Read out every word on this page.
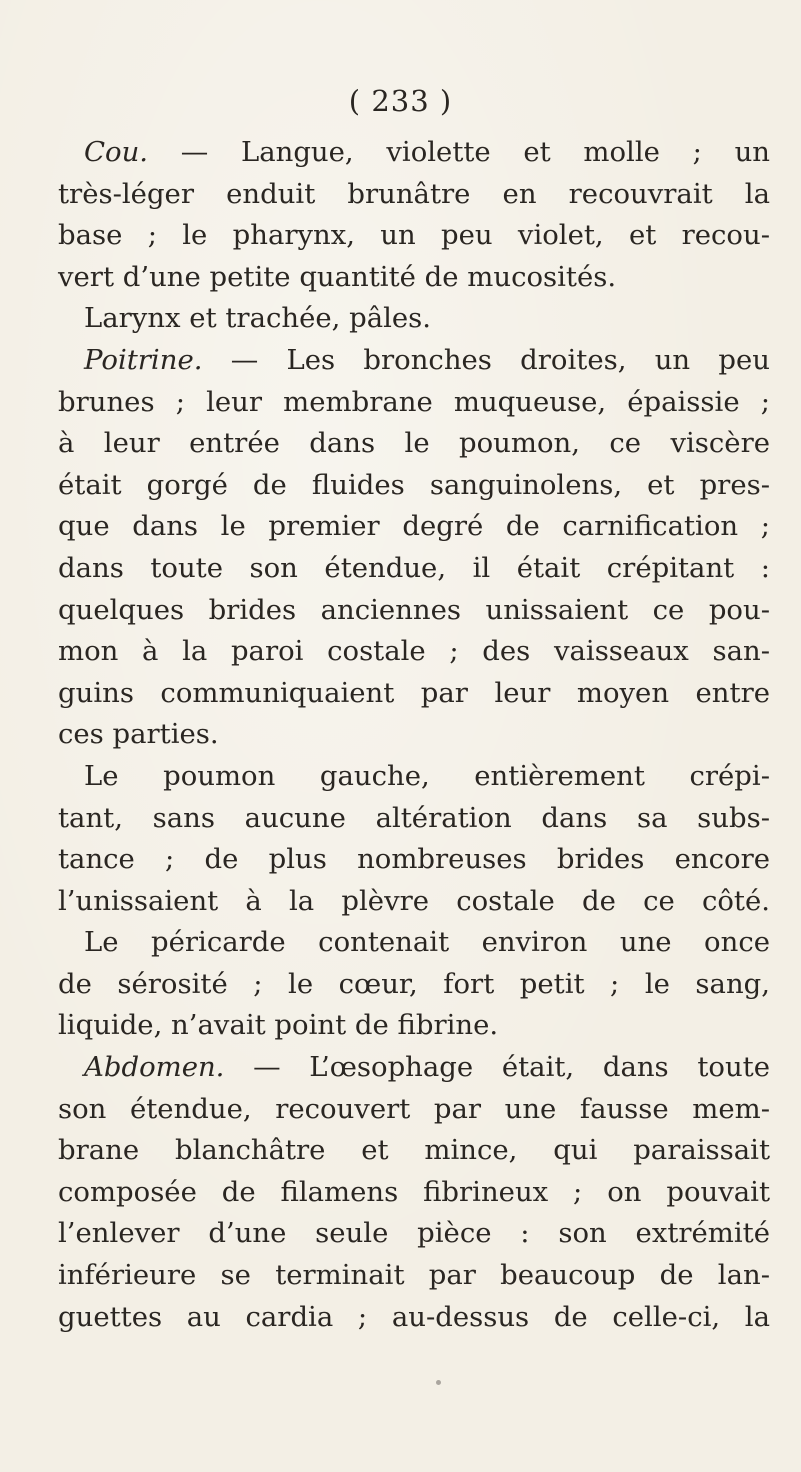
( 233 )
Cou. — Langue, violette et molle ; un
très-léger enduit brunâtre en recouvrait la
base ; le pharynx, un peu violet, et recou-
vert d’une petite quantité de mucosités.
Larynx et trachée, pâles.
Poitrine. — Les bronches droites, un peu
brunes ; leur membrane muqueuse, épaissie ;
à leur entrée dans le poumon, ce viscère
était gorgé de fluides sanguinolens, et pres-
que dans le premier degré de carnification ;
dans toute son étendue, il était crépitant :
quelques brides anciennes unissaient ce pou-
mon à la paroi costale ; des vaisseaux san-
guins communiquaient par leur moyen entre
ces parties.
Le poumon gauche, entièrement crépi-
tant, sans aucune altération dans sa subs-
tance ; de plus nombreuses brides encore
l’unissaient à la plèvre costale de ce côté.
Le péricarde contenait environ une once
de sérosité ; le cœur, fort petit ; le sang,
liquide, n’avait point de fibrine.
Abdomen. — L’œsophage était, dans toute
son étendue, recouvert par une fausse mem-
brane blanchâtre et mince, qui paraissait
composée de filamens fibrineux ; on pouvait
l’enlever d’une seule pièce : son extrémité
inférieure se terminait par beaucoup de lan-
guettes au cardia ; au-dessus de celle-ci, la
